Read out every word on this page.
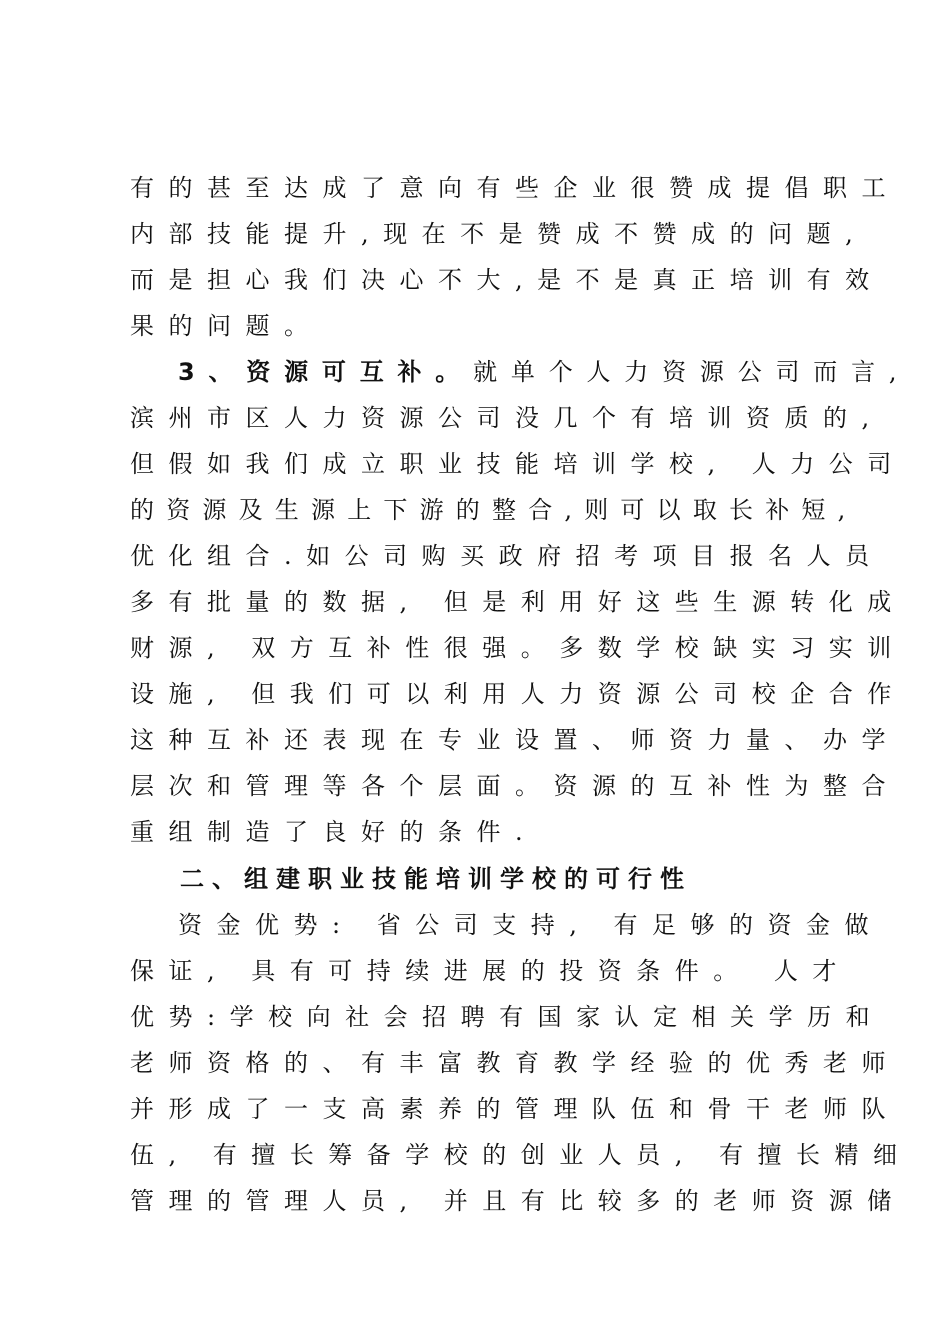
有的甚至达成了意向有些企业很赞成提倡职工
内部技能提升,现在不是赞成不赞成的问题,
而是担心我们决心不大,是不是真正培训有效
果的问题。
3、资源可互补。就单个人力资源公司而言,
滨州市区人力资源公司没几个有培训资质的,
但假如我们成立职业技能培训学校, 人力公司
的资源及生源上下游的整合,则可以取长补短,
优化组合.如公司购买政府招考项目报名人员
多有批量的数据, 但是利用好这些生源转化成
财源, 双方互补性很强。多数学校缺实习实训
设施, 但我们可以利用人力资源公司校企合作
这种互补还表现在专业设置、师资力量、办学
层次和管理等各个层面。资源的互补性为整合
重组制造了良好的条件.
二、组建职业技能培训学校的可行性
资金优势: 省公司支持, 有足够的资金做
保证, 具有可持续进展的投资条件。 人才
优势:学校向社会招聘有国家认定相关学历和
老师资格的、有丰富教育教学经验的优秀老师
并形成了一支高素养的管理队伍和骨干老师队
伍, 有擅长筹备学校的创业人员, 有擅长精细
管理的管理人员, 并且有比较多的老师资源储
